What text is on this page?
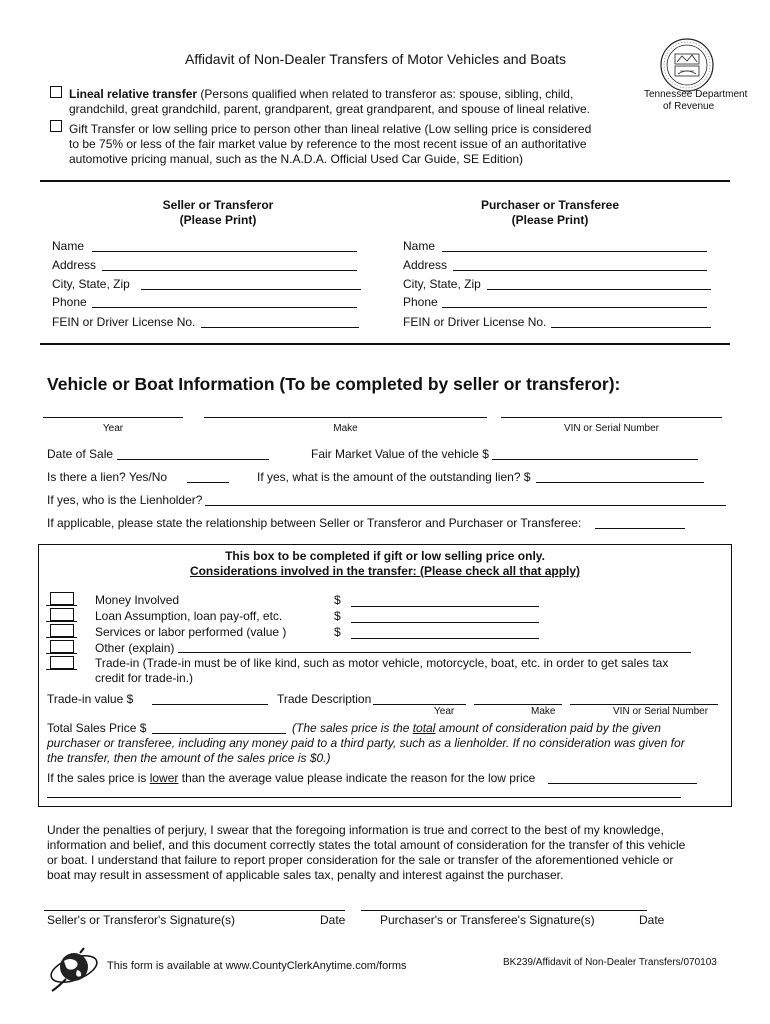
Affidavit of Non-Dealer Transfers of Motor Vehicles and Boats
Tennessee Department
of Revenue
Lineal relative transfer (Persons qualified when related to transferor as: spouse, sibling, child,
grandchild, great grandchild, parent, grandparent, great grandparent, and spouse of lineal relative.
Gift Transfer or low selling price to person other than lineal relative (Low selling price is considered
to be 75% or less of the fair market value by reference to the most recent issue of an authoritative
automotive pricing manual, such as the N.A.D.A. Official Used Car Guide, SE Edition)
Seller or Transferor
(Please Print)
Purchaser or Transferee
(Please Print)
Name
Address
City, State, Zip
Phone
FEIN or Driver License No.
Name
Address
City, State, Zip
Phone
FEIN or Driver License No.
Vehicle or Boat Information (To be completed by seller or transferor):
Year	Make	VIN or Serial Number
Date of Sale	Fair Market Value of the vehicle $
Is there a lien? Yes/No	If yes, what is the amount of the outstanding lien? $
If yes, who is the Lienholder?
If applicable, please state the relationship between Seller or Transferor and Purchaser or Transferee:
This box to be completed if gift or low selling price only.
Considerations involved in the transfer: (Please check all that apply)
Money Involved	$
Loan Assumption, loan pay-off, etc.	$
Services or labor performed (value )	$
Other (explain)
Trade-in (Trade-in must be of like kind, such as motor vehicle, motorcycle, boat, etc. in order to get sales tax
credit for trade-in.)
Trade-in value $	Trade Description
Year	Make	VIN or Serial Number
Total Sales Price $	(The sales price is the total amount of consideration paid by the given
purchaser or transferee, including any money paid to a third party, such as a lienholder. If no consideration was given for
the transfer, then the amount of the sales price is $0.)
If the sales price is lower than the average value please indicate the reason for the low price
Under the penalties of perjury, I swear that the foregoing information is true and correct to the best of my knowledge,
information and belief, and this document correctly states the total amount of consideration for the transfer of this vehicle
or boat. I understand that failure to report proper consideration for the sale or transfer of the aforementioned vehicle or
boat may result in assessment of applicable sales tax, penalty and interest against the purchaser.
Seller's or Transferor's Signature(s)	Date	Purchaser's or Transferee's Signature(s)	Date
This form is available at www.CountyClerkAnytime.com/forms	BK239/Affidavit of Non-Dealer Transfers/070103
